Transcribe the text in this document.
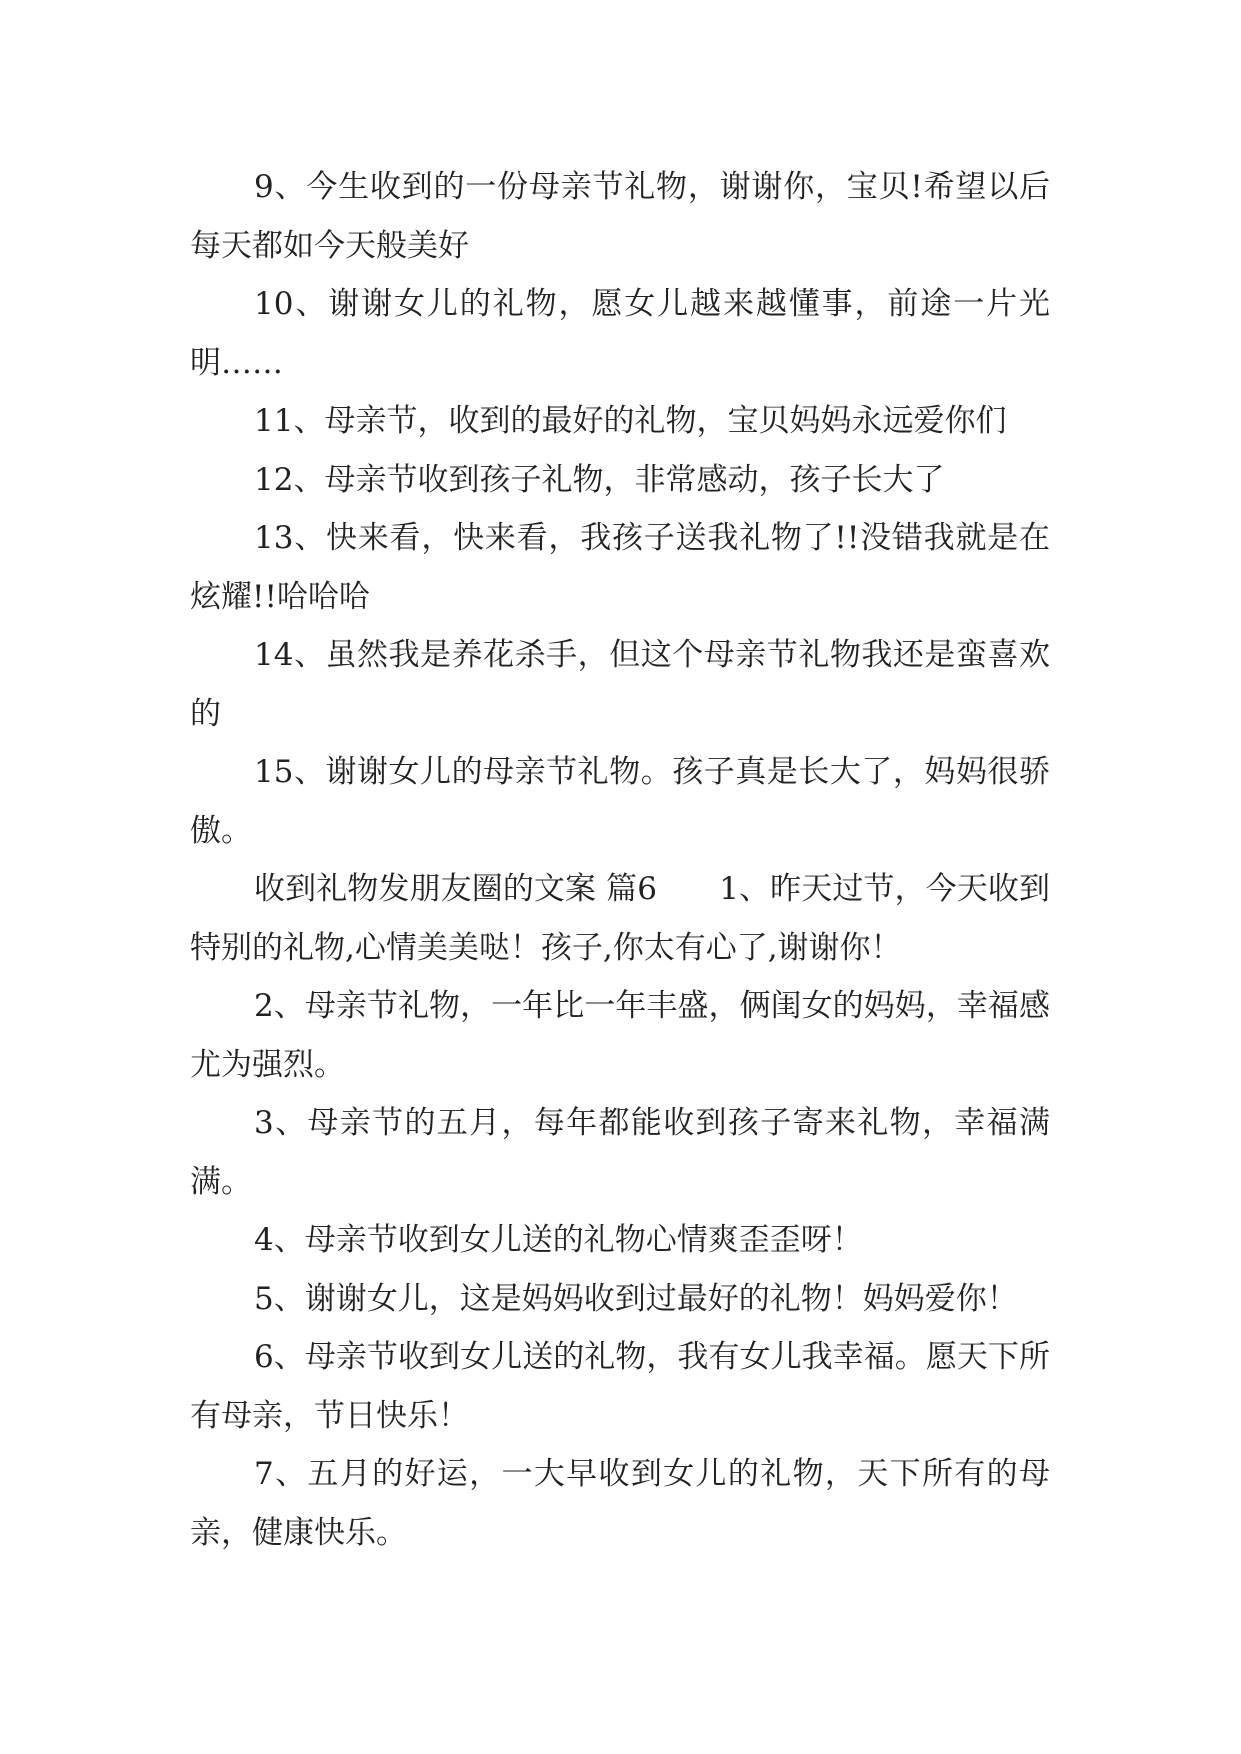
9、今生收到的一份母亲节礼物，谢谢你，宝贝!希望以后每天都如今天般美好

10、谢谢女儿的礼物，愿女儿越来越懂事，前途一片光明……

11、母亲节，收到的最好的礼物，宝贝妈妈永远爱你们

12、母亲节收到孩子礼物，非常感动，孩子长大了

13、快来看，快来看，我孩子送我礼物了!!没错我就是在炫耀!!哈哈哈

14、虽然我是养花杀手，但这个母亲节礼物我还是蛮喜欢的

15、谢谢女儿的母亲节礼物。孩子真是长大了，妈妈很骄傲。

收到礼物发朋友圈的文案 篇6　　1、昨天过节，今天收到特别的礼物,心情美美哒！孩子,你太有心了,谢谢你！

2、母亲节礼物，一年比一年丰盛，俩闺女的妈妈，幸福感尤为强烈。

3、母亲节的五月，每年都能收到孩子寄来礼物，幸福满满。

4、母亲节收到女儿送的礼物心情爽歪歪呀！

5、谢谢女儿，这是妈妈收到过最好的礼物！妈妈爱你！

6、母亲节收到女儿送的礼物，我有女儿我幸福。愿天下所有母亲，节日快乐！

7、五月的好运，一大早收到女儿的礼物，天下所有的母亲，健康快乐。
